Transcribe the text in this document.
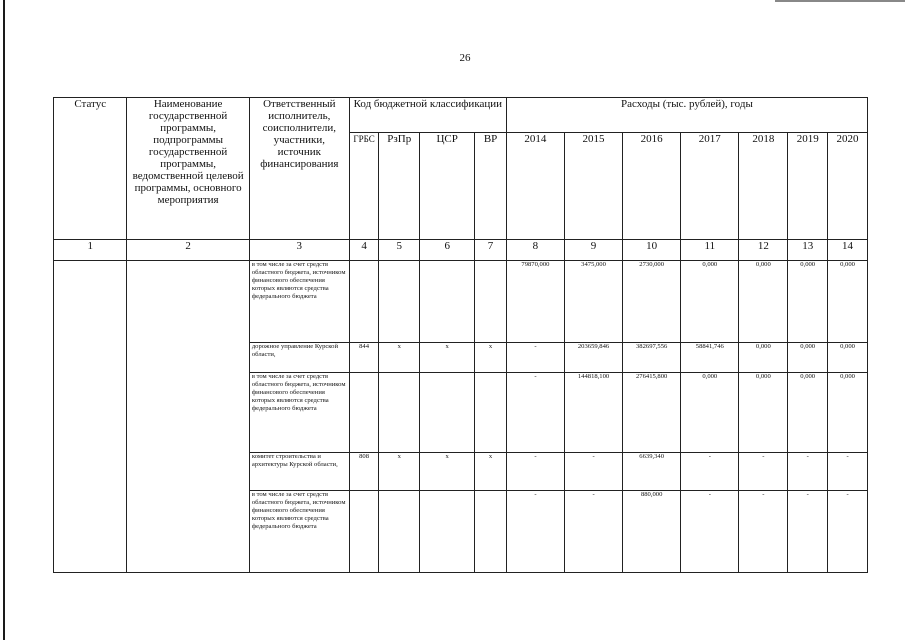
26
Статус	Наименование государственной программы, подпрограммы государственной программы, ведомственной целевой программы, основного мероприятия	Ответственный исполнитель, соисполнители, участники, источник финансирования	Код бюджетной классификации				Расходы (тыс. рублей), годы						
			ГРБС	РзПр	ЦСР	ВР	2014	2015	2016	2017	2018	2019	2020
1	2	3	4	5	6	7	8	9	10	11	12	13	14
		в том числе за счет средств областного бюджета, источником финансового обеспечения которых являются средства федерального бюджета					79870,000	3475,000	2730,000	0,000	0,000	0,000	0,000
		дорожное управление Курской области,	844	х	х	х	-	203659,846	382697,556	58841,746	0,000	0,000	0,000
		в том числе за счет средств областного бюджета, источником финансового обеспечения которых являются средства федерального бюджета					-	144818,100	276415,800	0,000	0,000	0,000	0,000
		комитет строительства и архитектуры Курской области,	808	х	х	х	-	-	6639,340	-	-	-	-
		в том числе за счет средств областного бюджета, источником финансового обеспечения которых являются средства федерального бюджета					-	-	880,000	-	-	-	-
